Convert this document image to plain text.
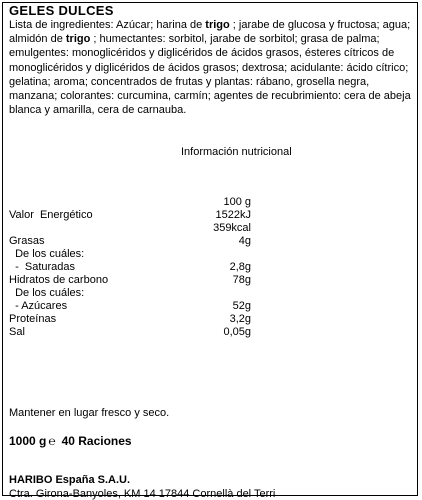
GELES DULCES
Lista de ingredientes: Azúcar; harina de trigo ; jarabe de glucosa y fructosa; agua; almidón de trigo ; humectantes: sorbitol, jarabe de sorbitol; grasa de palma; emulgentes: monoglicéridos y diglicéridos de ácidos grasos, ésteres cítricos de monoglicéridos y diglicéridos de ácidos grasos; dextrosa; acidulante: ácido cítrico; gelatina; aroma; concentrados de frutas y plantas: rábano, grosella negra, manzana; colorantes: curcumina, carmín; agentes de recubrimiento: cera de abeja blanca y amarilla, cera de carnauba.
Información nutricional
100 g
Valor  Energético	1522kJ
359kcal
Grasas	4g
De los cuáles:
-  Saturadas	2,8g
Hidratos de carbono	78g
De los cuáles:
- Azúcares	52g
Proteínas	3,2g
Sal	0,05g
Mantener en lugar fresco y seco.
1000 g ℮ 40 Raciones
HARIBO España S.A.U.
Ctra. Girona-Banyoles, KM 14 17844 Cornellà del Terri
